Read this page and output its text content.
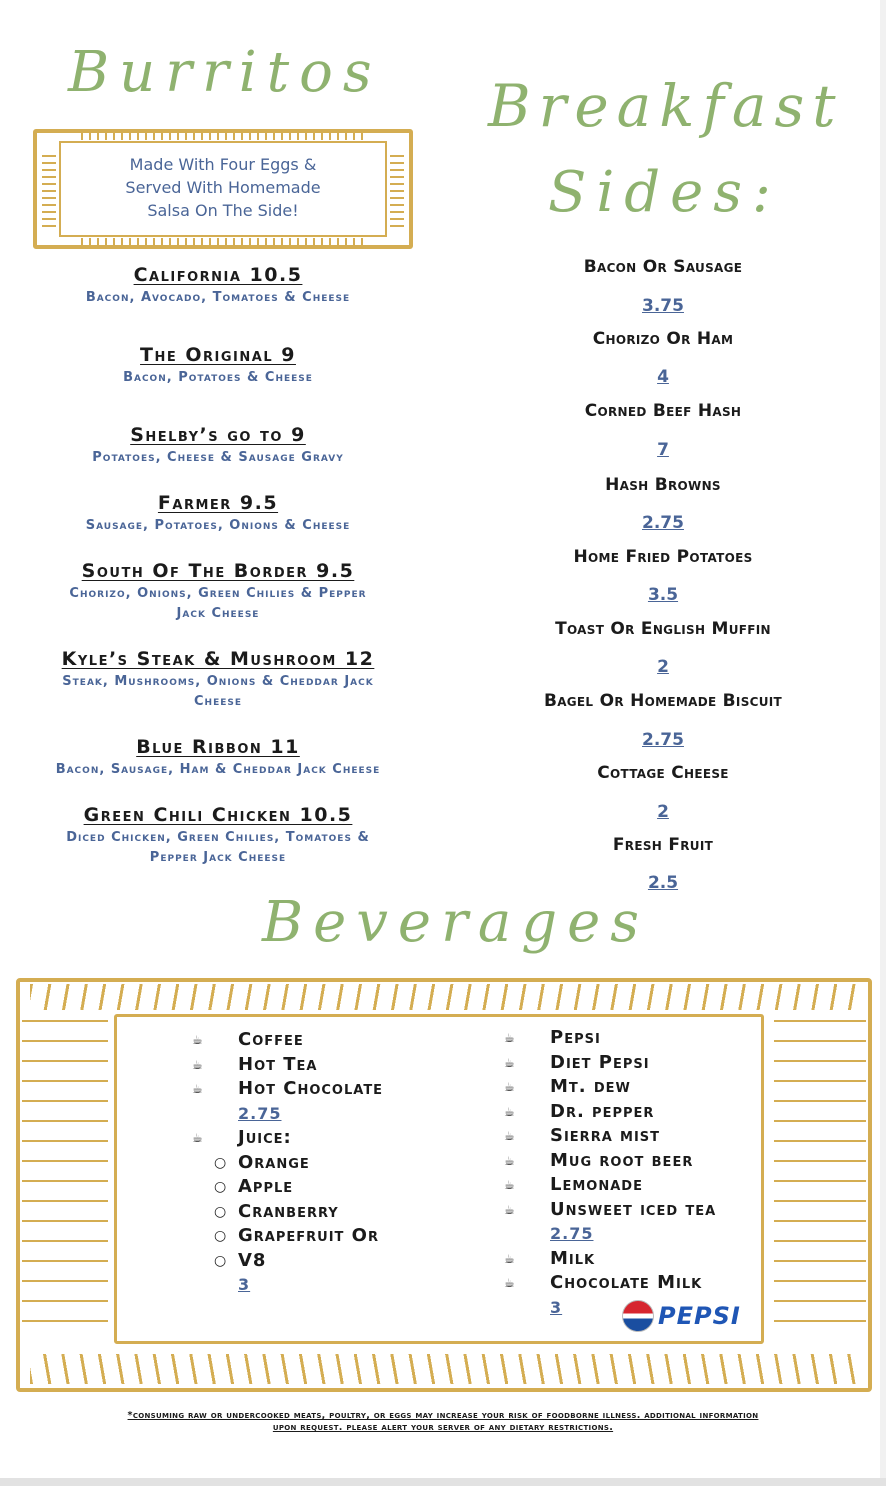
Burritos
Made With Four Eggs &
Served With Homemade
Salsa On The Side!
California 10.5
Bacon, Avocado, Tomatoes & Cheese
The Original 9
Bacon, Potatoes & Cheese
Shelby’s go to 9
Potatoes, Cheese & Sausage Gravy
Farmer 9.5
Sausage, Potatoes, Onions & Cheese
South Of The Border 9.5
Chorizo, Onions, Green Chilies & Pepper
Jack Cheese
Kyle’s Steak & Mushroom 12
Steak, Mushrooms, Onions & Cheddar Jack
Cheese
Blue Ribbon 11
Bacon, Sausage, Ham & Cheddar Jack Cheese
Green Chili Chicken 10.5
Diced Chicken, Green Chilies, Tomatoes &
Pepper Jack Cheese
Breakfast
Sides:
Bacon Or Sausage
3.75
Chorizo Or Ham
4
Corned Beef Hash
7
Hash Browns
2.75
Home Fried Potatoes
3.5
Toast Or English Muffin
2
Bagel Or Homemade Biscuit
2.75
Cottage Cheese
2
Fresh Fruit
2.5
Beverages
☕ Coffee
☕ Hot Tea
☕ Hot Chocolate
2.75
☕ Juice:
○ Orange
○ Apple
○ Cranberry
○ Grapefruit Or
○ V8
3
☕ Pepsi
☕ Diet Pepsi
☕ Mt. dew
☕ Dr. pepper
☕ Sierra mist
☕ Mug root beer
☕ Lemonade
☕ Unsweet iced tea
2.75
☕ Milk
☕ Chocolate Milk
3	PEPSI
*consuming raw or undercooked meats, poultry, or eggs may increase your risk of foodborne illness. additional information
upon request. please alert your server of any dietary restrictions.
